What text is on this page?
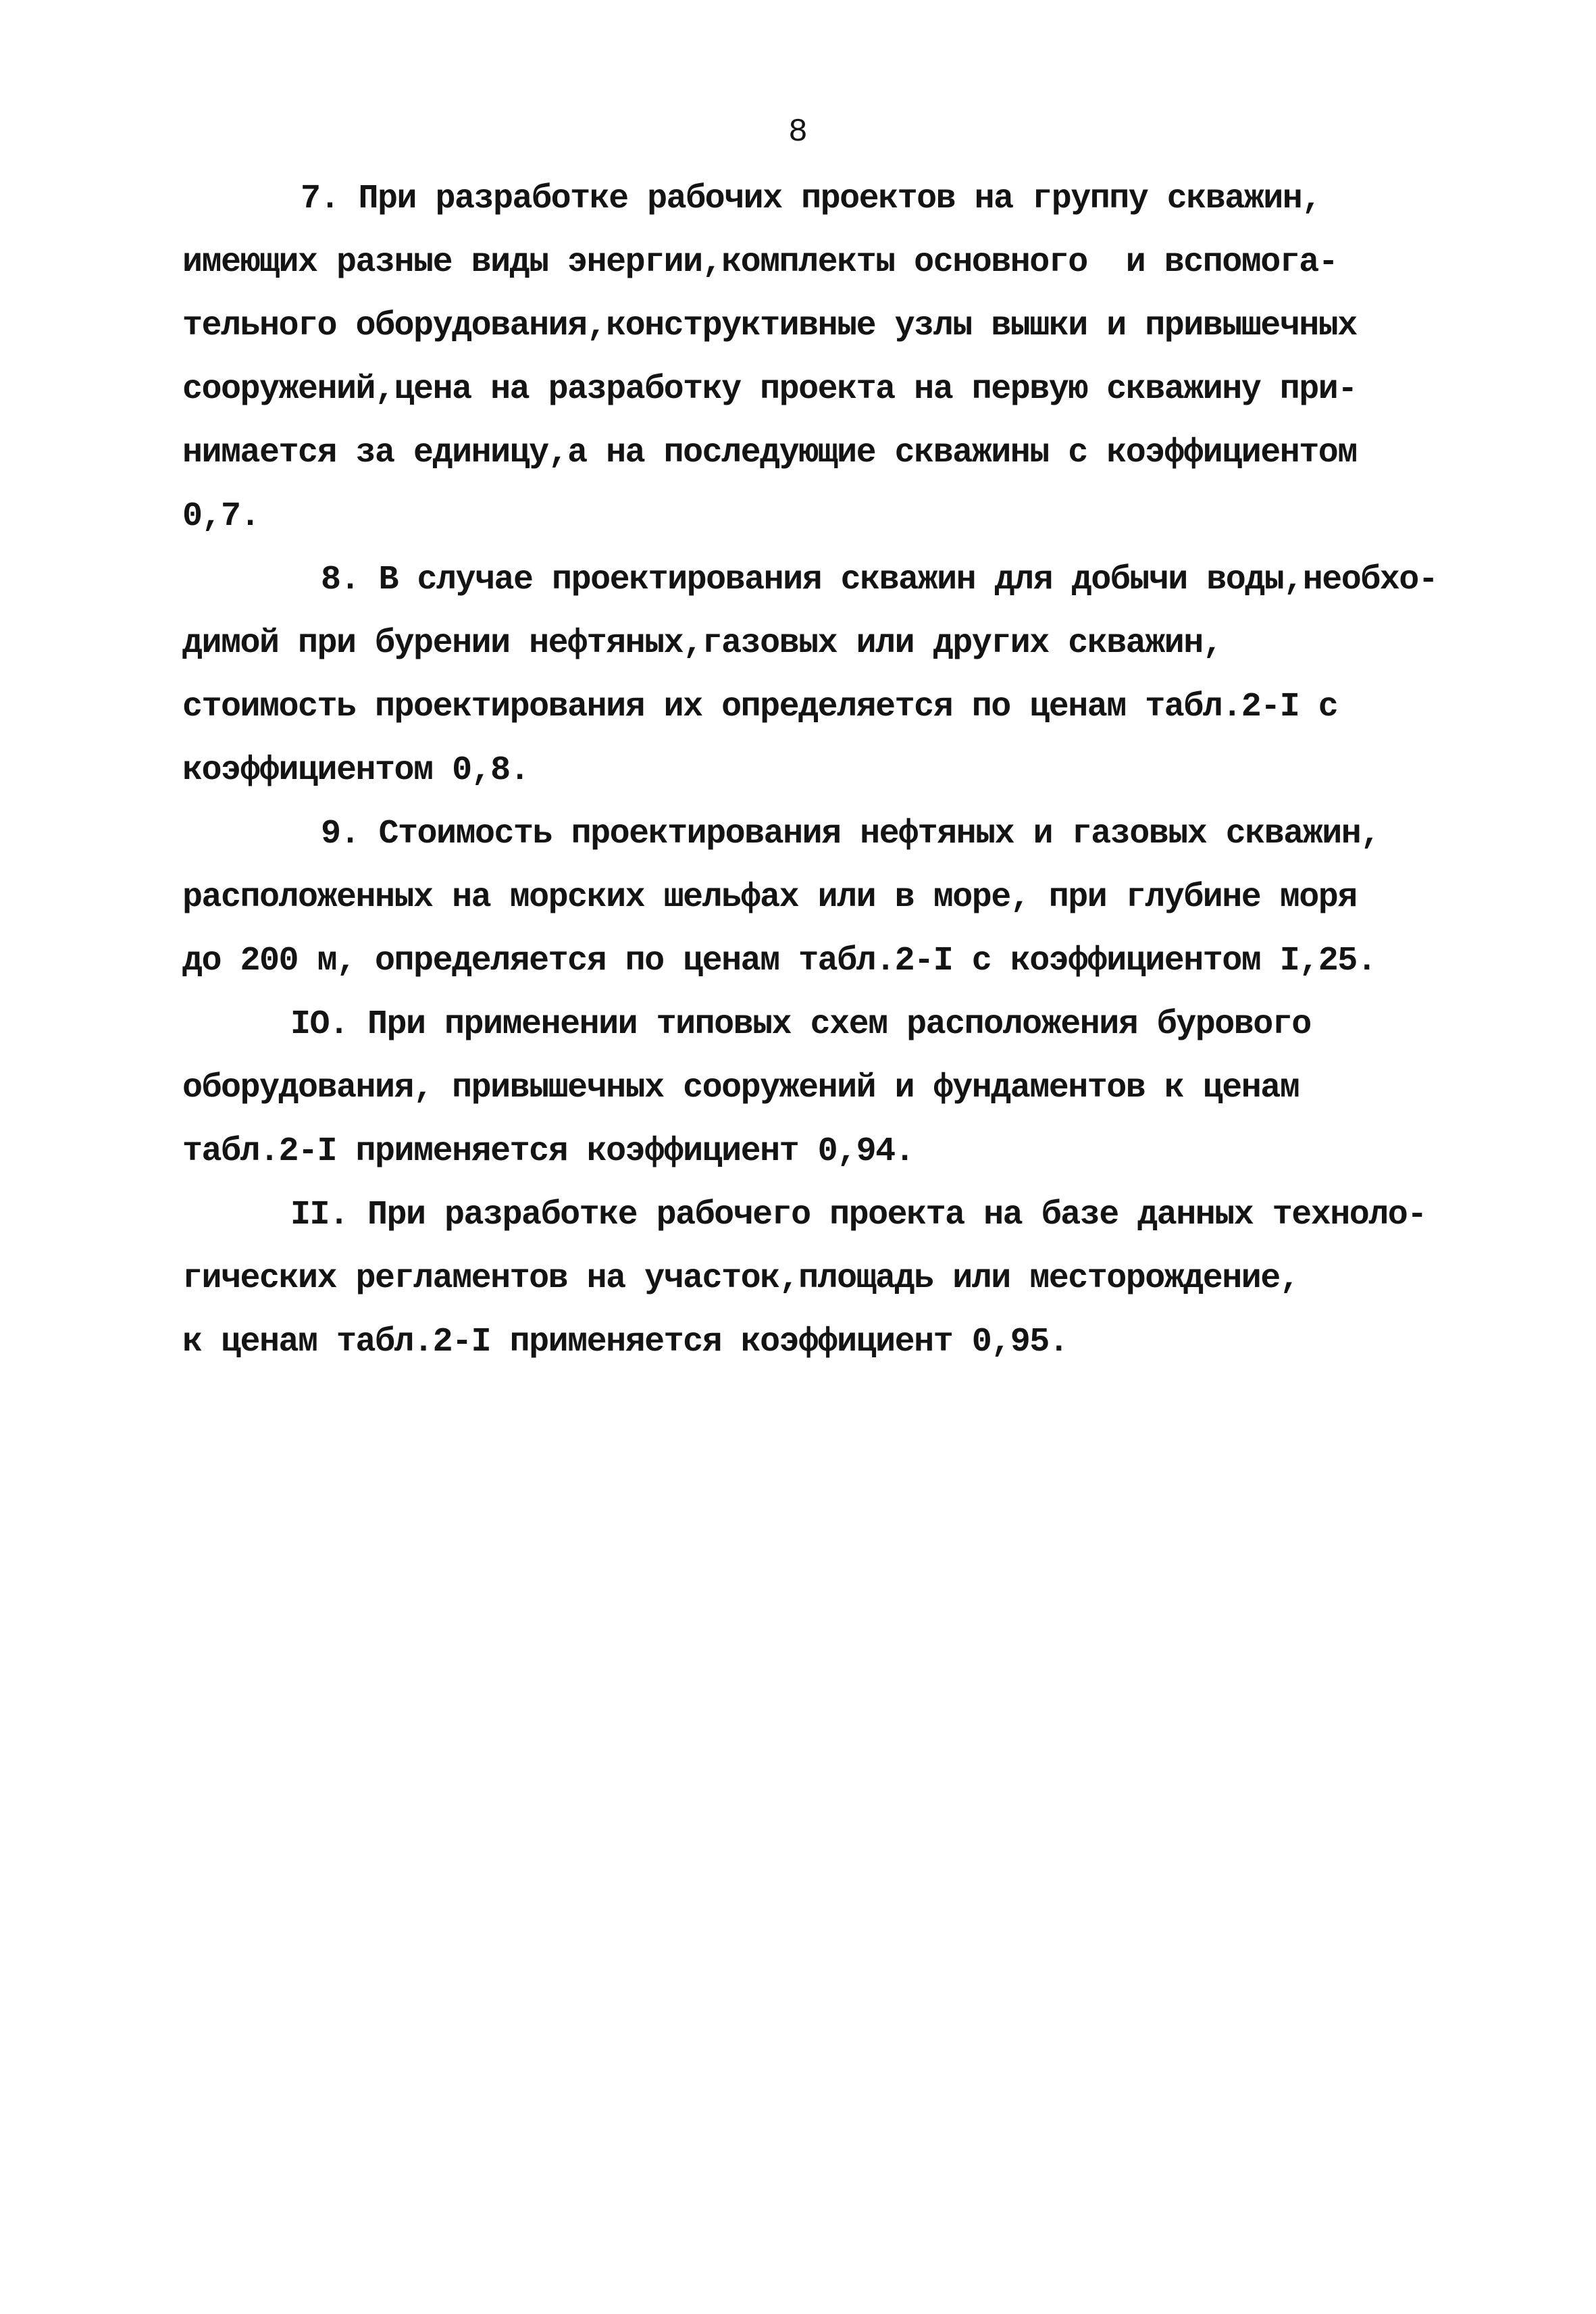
8
7. При разработке рабочих проектов на группу скважин,
имеющих разные виды энергии,комплекты основного  и вспомога-
тельного оборудования,конструктивные узлы вышки и привышечных
сооружений,цена на разработку проекта на первую скважину при-
нимается за единицу,а на последующие скважины с коэффициентом
0,7.
8. В случае проектирования скважин для добычи воды,необхо-
димой при бурении нефтяных,газовых или других скважин,
стоимость проектирования их определяется по ценам табл.2-I с
коэффициентом 0,8.
9. Стоимость проектирования нефтяных и газовых скважин,
расположенных на морских шельфах или в море, при глубине моря
до 200 м, определяется по ценам табл.2-I с коэффициентом I,25.
IO. При применении типовых схем расположения бурового
оборудования, привышечных сооружений и фундаментов к ценам
табл.2-I применяется коэффициент 0,94.
II. При разработке рабочего проекта на базе данных техноло-
гических регламентов на участок,площадь или месторождение,
к ценам табл.2-I применяется коэффициент 0,95.
